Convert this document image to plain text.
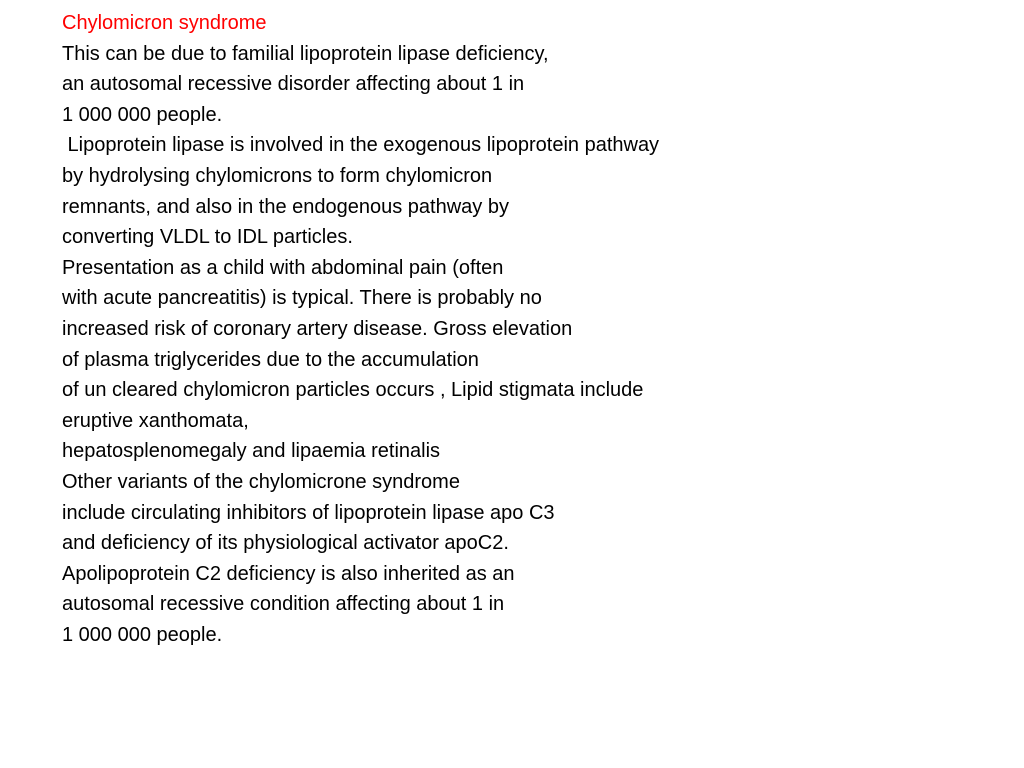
Chylomicron syndrome
This can be due to familial lipoprotein lipase deficiency,
an autosomal recessive disorder affecting about 1 in
1 000 000 people.
Lipoprotein lipase is involved in the exogenous lipoprotein pathway
by hydrolysing chylomicrons to form chylomicron
remnants, and also in the endogenous pathway by
converting VLDL to IDL particles.
Presentation as a child with abdominal pain (often
with acute pancreatitis) is typical. There is probably no
increased risk of coronary artery disease. Gross elevation
of plasma triglycerides due to the accumulation
of un cleared chylomicron particles occurs , Lipid stigmata include
eruptive xanthomata,
hepatosplenomegaly and lipaemia retinalis
Other variants of the chylomicrone syndrome
include circulating inhibitors of lipoprotein lipase apo C3
and deficiency of its physiological activator apoC2.
Apolipoprotein C2 deficiency is also inherited as an
autosomal recessive condition affecting about 1 in
1 000 000 people.
